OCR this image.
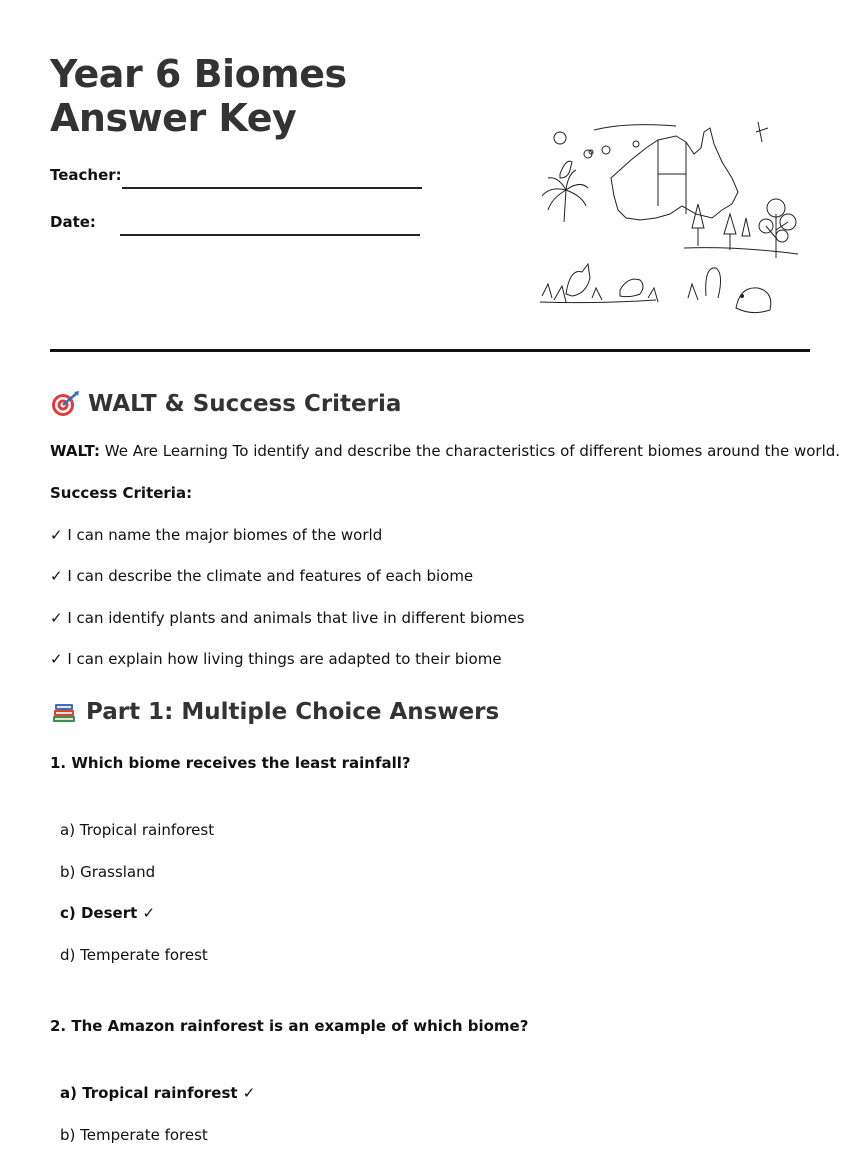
Year 6 Biomes Answer Key
Teacher:
Date:
WALT & Success Criteria
WALT: We Are Learning To identify and describe the characteristics of different biomes around the world.
Success Criteria:
✓ I can name the major biomes of the world
✓ I can describe the climate and features of each biome
✓ I can identify plants and animals that live in different biomes
✓ I can explain how living things are adapted to their biome
Part 1: Multiple Choice Answers
1. Which biome receives the least rainfall?
a) Tropical rainforest
b) Grassland
c) Desert ✓
d) Temperate forest
2. The Amazon rainforest is an example of which biome?
a) Tropical rainforest ✓
b) Temperate forest
